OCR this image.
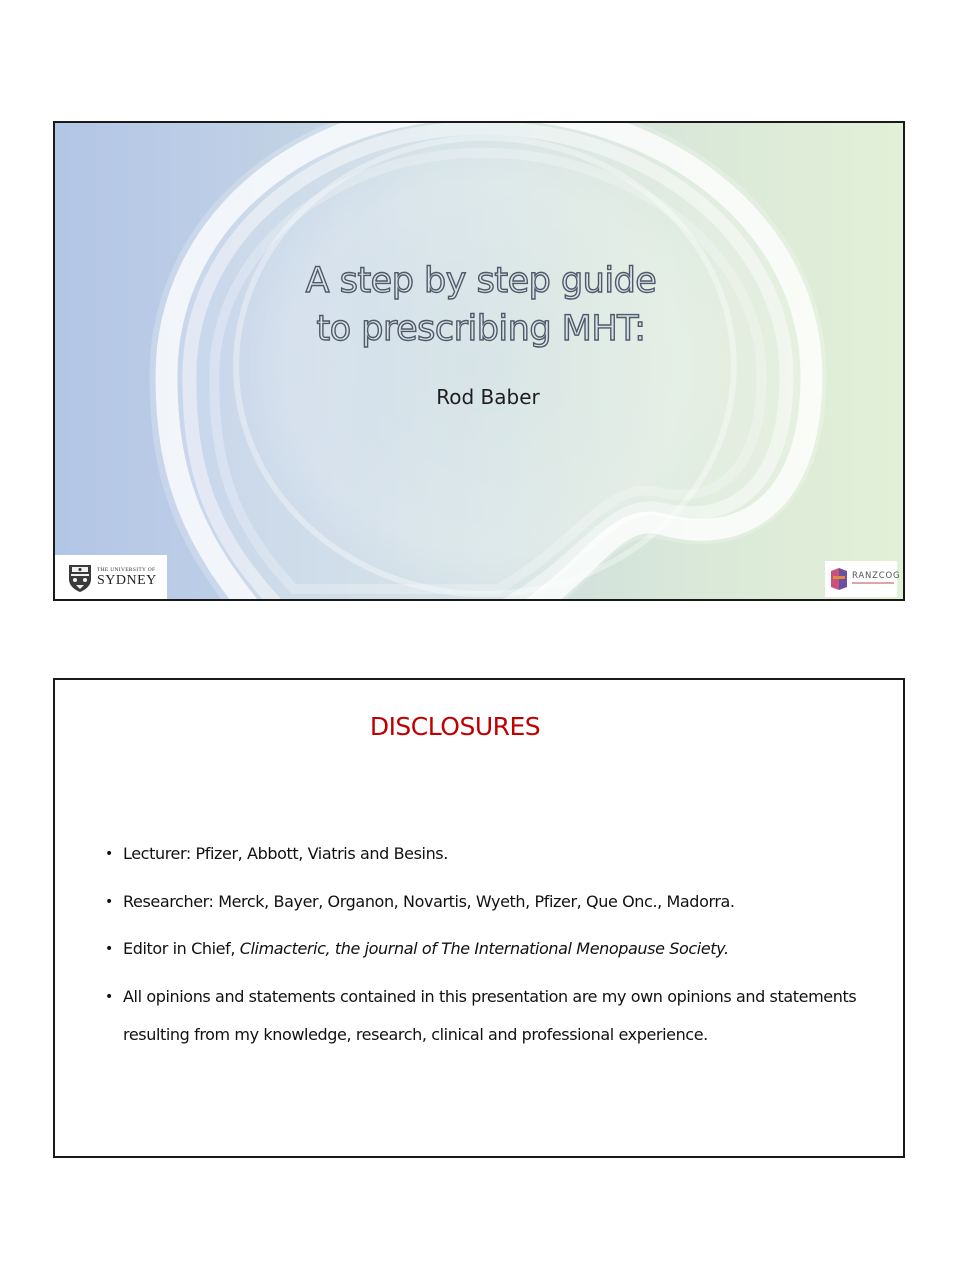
A step by step guide
to prescribing MHT:
Rod Baber
THE UNIVERSITY OF
SYDNEY	RANZCOG
DISCLOSURES
• Lecturer: Pfizer, Abbott, Viatris and Besins.
• Researcher: Merck, Bayer, Organon, Novartis, Wyeth, Pfizer, Que Onc., Madorra.
• Editor in Chief, Climacteric, the journal of The International Menopause Society.
• All opinions and statements contained in this presentation are my own opinions and statements resulting from my knowledge, research, clinical and professional experience.
